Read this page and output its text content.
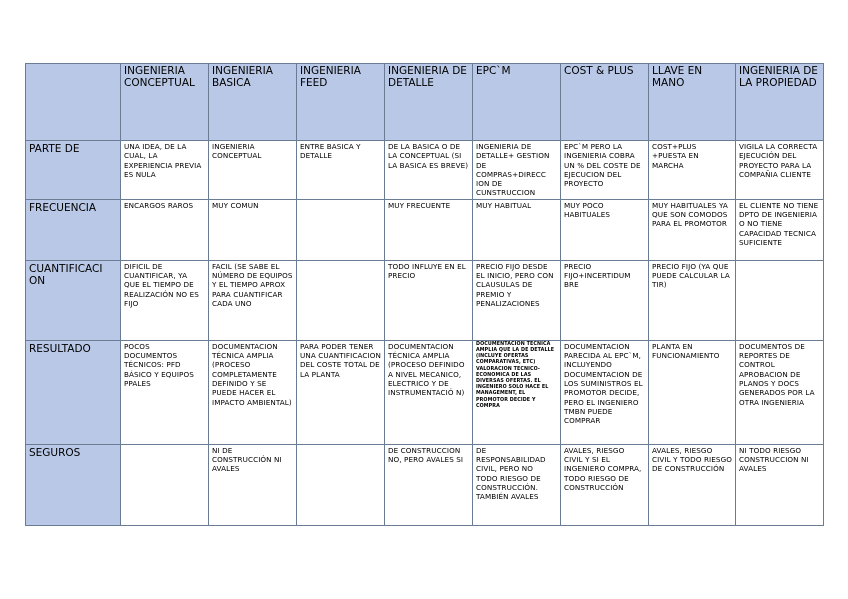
	INGENIERIA CONCEPTUAL	INGENIERIA BASICA	INGENIERIA FEED	INGENIERIA DE DETALLE	EPC`M	COST & PLUS	LLAVE EN MANO	INGENIERIA DE LA PROPIEDAD
PARTE DE	UNA IDEA, DE LA CUAL, LA EXPERIENCIA PREVIA ES NULA	INGENIERIA CONCEPTUAL	ENTRE BASICA Y DETALLE	DE LA BASICA O DE LA CONCEPTUAL (SI LA BASICA ES BREVE)	INGENIERIA DE DETALLE+ GESTION DE COMPRAS+DIRECC ION DE CUNSTRUCCION	EPC`M PERO LA INGENIERIA COBRA UN % DEL COSTE DE EJECUCION DEL PROYECTO	COST+PLUS +PUESTA EN MARCHA	VIGILA LA CORRECTA EJECUCIÓN DEL PROYECTO PARA LA COMPAÑIA CLIENTE
FRECUENCIA	ENCARGOS RAROS	MUY COMUN		MUY FRECUENTE	MUY HABITUAL	MUY POCO HABITUALES	MUY HABITUALES YA QUE SON COMODOS PARA EL PROMOTOR	EL CLIENTE NO TIENE DPTO DE INGENIERIA O NO TIENE CAPACIDAD TECNICA SUFICIENTE
CUANTIFICACI ON	DIFICIL DE CUANTIFICAR, YA QUE EL TIEMPO DE REALIZACIÓN NO ES FIJO	FACIL (SE SABE EL NÚMERO DE EQUIPOS Y EL TIEMPO APROX PARA CUANTIFICAR CADA UNO		TODO INFLUYE EN EL PRECIO	PRECIO FIJO DESDE EL INICIO, PERO CON CLAUSULAS DE PREMIO Y PENALIZACIONES	PRECIO FIJO+INCERTIDUM BRE	PRECIO FIJO (YA QUE PUEDE CALCULAR LA TIR)	
RESULTADO	POCOS DOCUMENTOS TÉCNICOS: PFD BÁSICO Y EQUIPOS PPALES	DOCUMENTACION TÉCNICA AMPLIA (PROCESO COMPLETAMENTE DEFINIDO Y SE PUEDE HACER EL IMPACTO AMBIENTAL)	PARA PODER TENER UNA CUANTIFICACION DEL COSTE TOTAL DE LA PLANTA	DOCUMENTACION TÉCNICA AMPLIA (PROCESO DEFINIDO A NIVEL MECANICO, ELECTRICO Y DE INSTRUMENTACIÓ N)	DOCUMENTACION TÉCNICA AMPLIA QUE LA DE DETALLE (INCLUYE OFERTAS COMPARATIVAS, ETC) VALORACION TECNICO-ECONOMICA DE LAS DIVERSAS OFERTAS. EL INGENIERO SOLO HACE EL MANAGEMENT, EL PROMOTOR DECIDE Y COMPRA	DOCUMENTACION PARECIDA AL EPC`M, INCLUYENDO DOCUMENTACION DE LOS SUMINISTROS EL PROMOTOR DECIDE, PERO EL INGENIERO TMBN PUEDE COMPRAR	PLANTA EN FUNCIONAMIENTO	DOCUMENTOS DE REPORTES DE CONTROL APROBACION DE PLANOS Y DOCS GENERADOS POR LA OTRA INGENIERIA
SEGUROS		NI DE CONSTRUCCIÓN NI AVALES		DE CONSTRUCCION NO, PERO AVALES SI	DE RESPONSABILIDAD CIVIL, PERO NO TODO RIESGO DE CONSTRUCCIÓN. TAMBIÉN AVALES	AVALES, RIESGO CIVIL Y SI EL INGENIERO COMPRA, TODO RIESGO DE CONSTRUCCIÓN	AVALES, RIESGO CIVIL Y TODO RIESGO DE CONSTRUCCIÓN	NI TODO RIESGO CONSTRUCCION NI AVALES
